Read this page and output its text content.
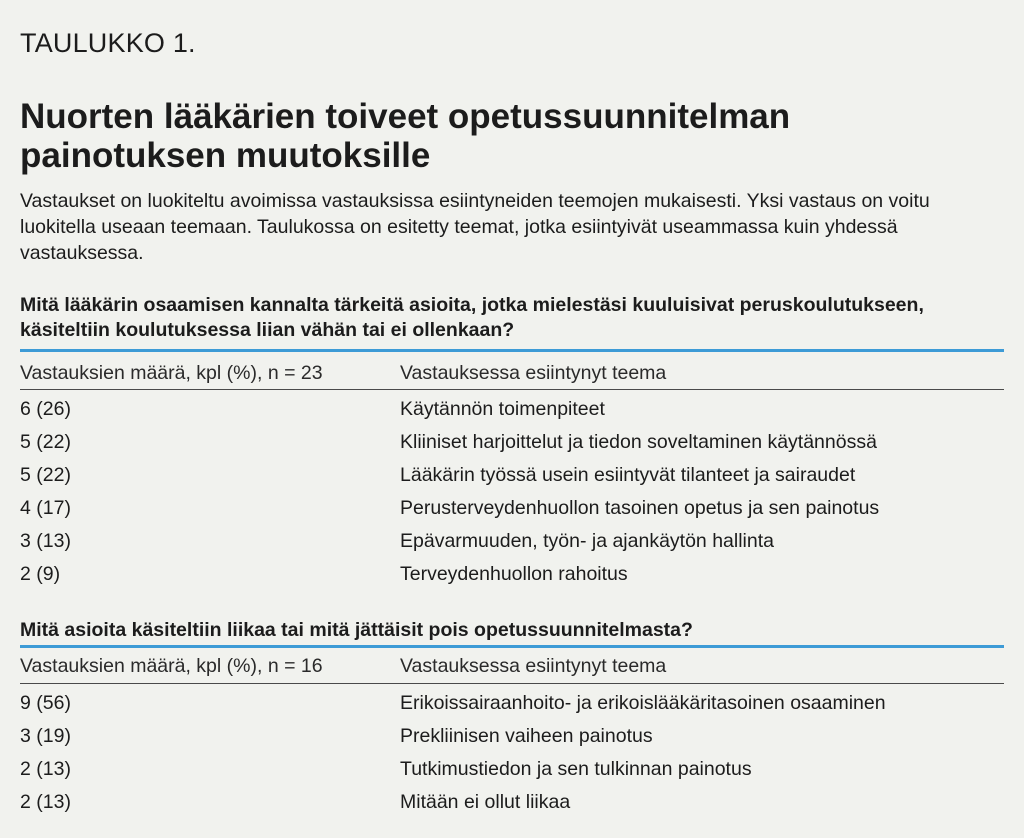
TAULUKKO 1.
Nuorten lääkärien toiveet opetussuunnitelman painotuksen muutoksille
Vastaukset on luokiteltu avoimissa vastauksissa esiintyneiden teemojen mukaisesti. Yksi vastaus on voitu luokitella useaan teemaan. Taulukossa on esitetty teemat, jotka esiintyivät useammassa kuin yhdessä vastauksessa.
Mitä lääkärin osaamisen kannalta tärkeitä asioita, jotka mielestäsi kuuluisivat peruskoulutukseen, käsiteltiin koulutuksessa liian vähän tai ei ollenkaan?
Vastauksien määrä, kpl (%), n = 23	Vastauksessa esiintynyt teema
6 (26)	Käytännön toimenpiteet
5 (22)	Kliiniset harjoittelut ja tiedon soveltaminen käytännössä
5 (22)	Lääkärin työssä usein esiintyvät tilanteet ja sairaudet
4 (17)	Perusterveydenhuollon tasoinen opetus ja sen painotus
3 (13)	Epävarmuuden, työn- ja ajankäytön hallinta
2 (9)	Terveydenhuollon rahoitus
Mitä asioita käsiteltiin liikaa tai mitä jättäisit pois opetussuunnitelmasta?
Vastauksien määrä, kpl (%), n = 16	Vastauksessa esiintynyt teema
9 (56)	Erikoissairaanhoito- ja erikoislääkäritasoinen osaaminen
3 (19)	Prekliinisen vaiheen painotus
2 (13)	Tutkimustiedon ja sen tulkinnan painotus
2 (13)	Mitään ei ollut liikaa
